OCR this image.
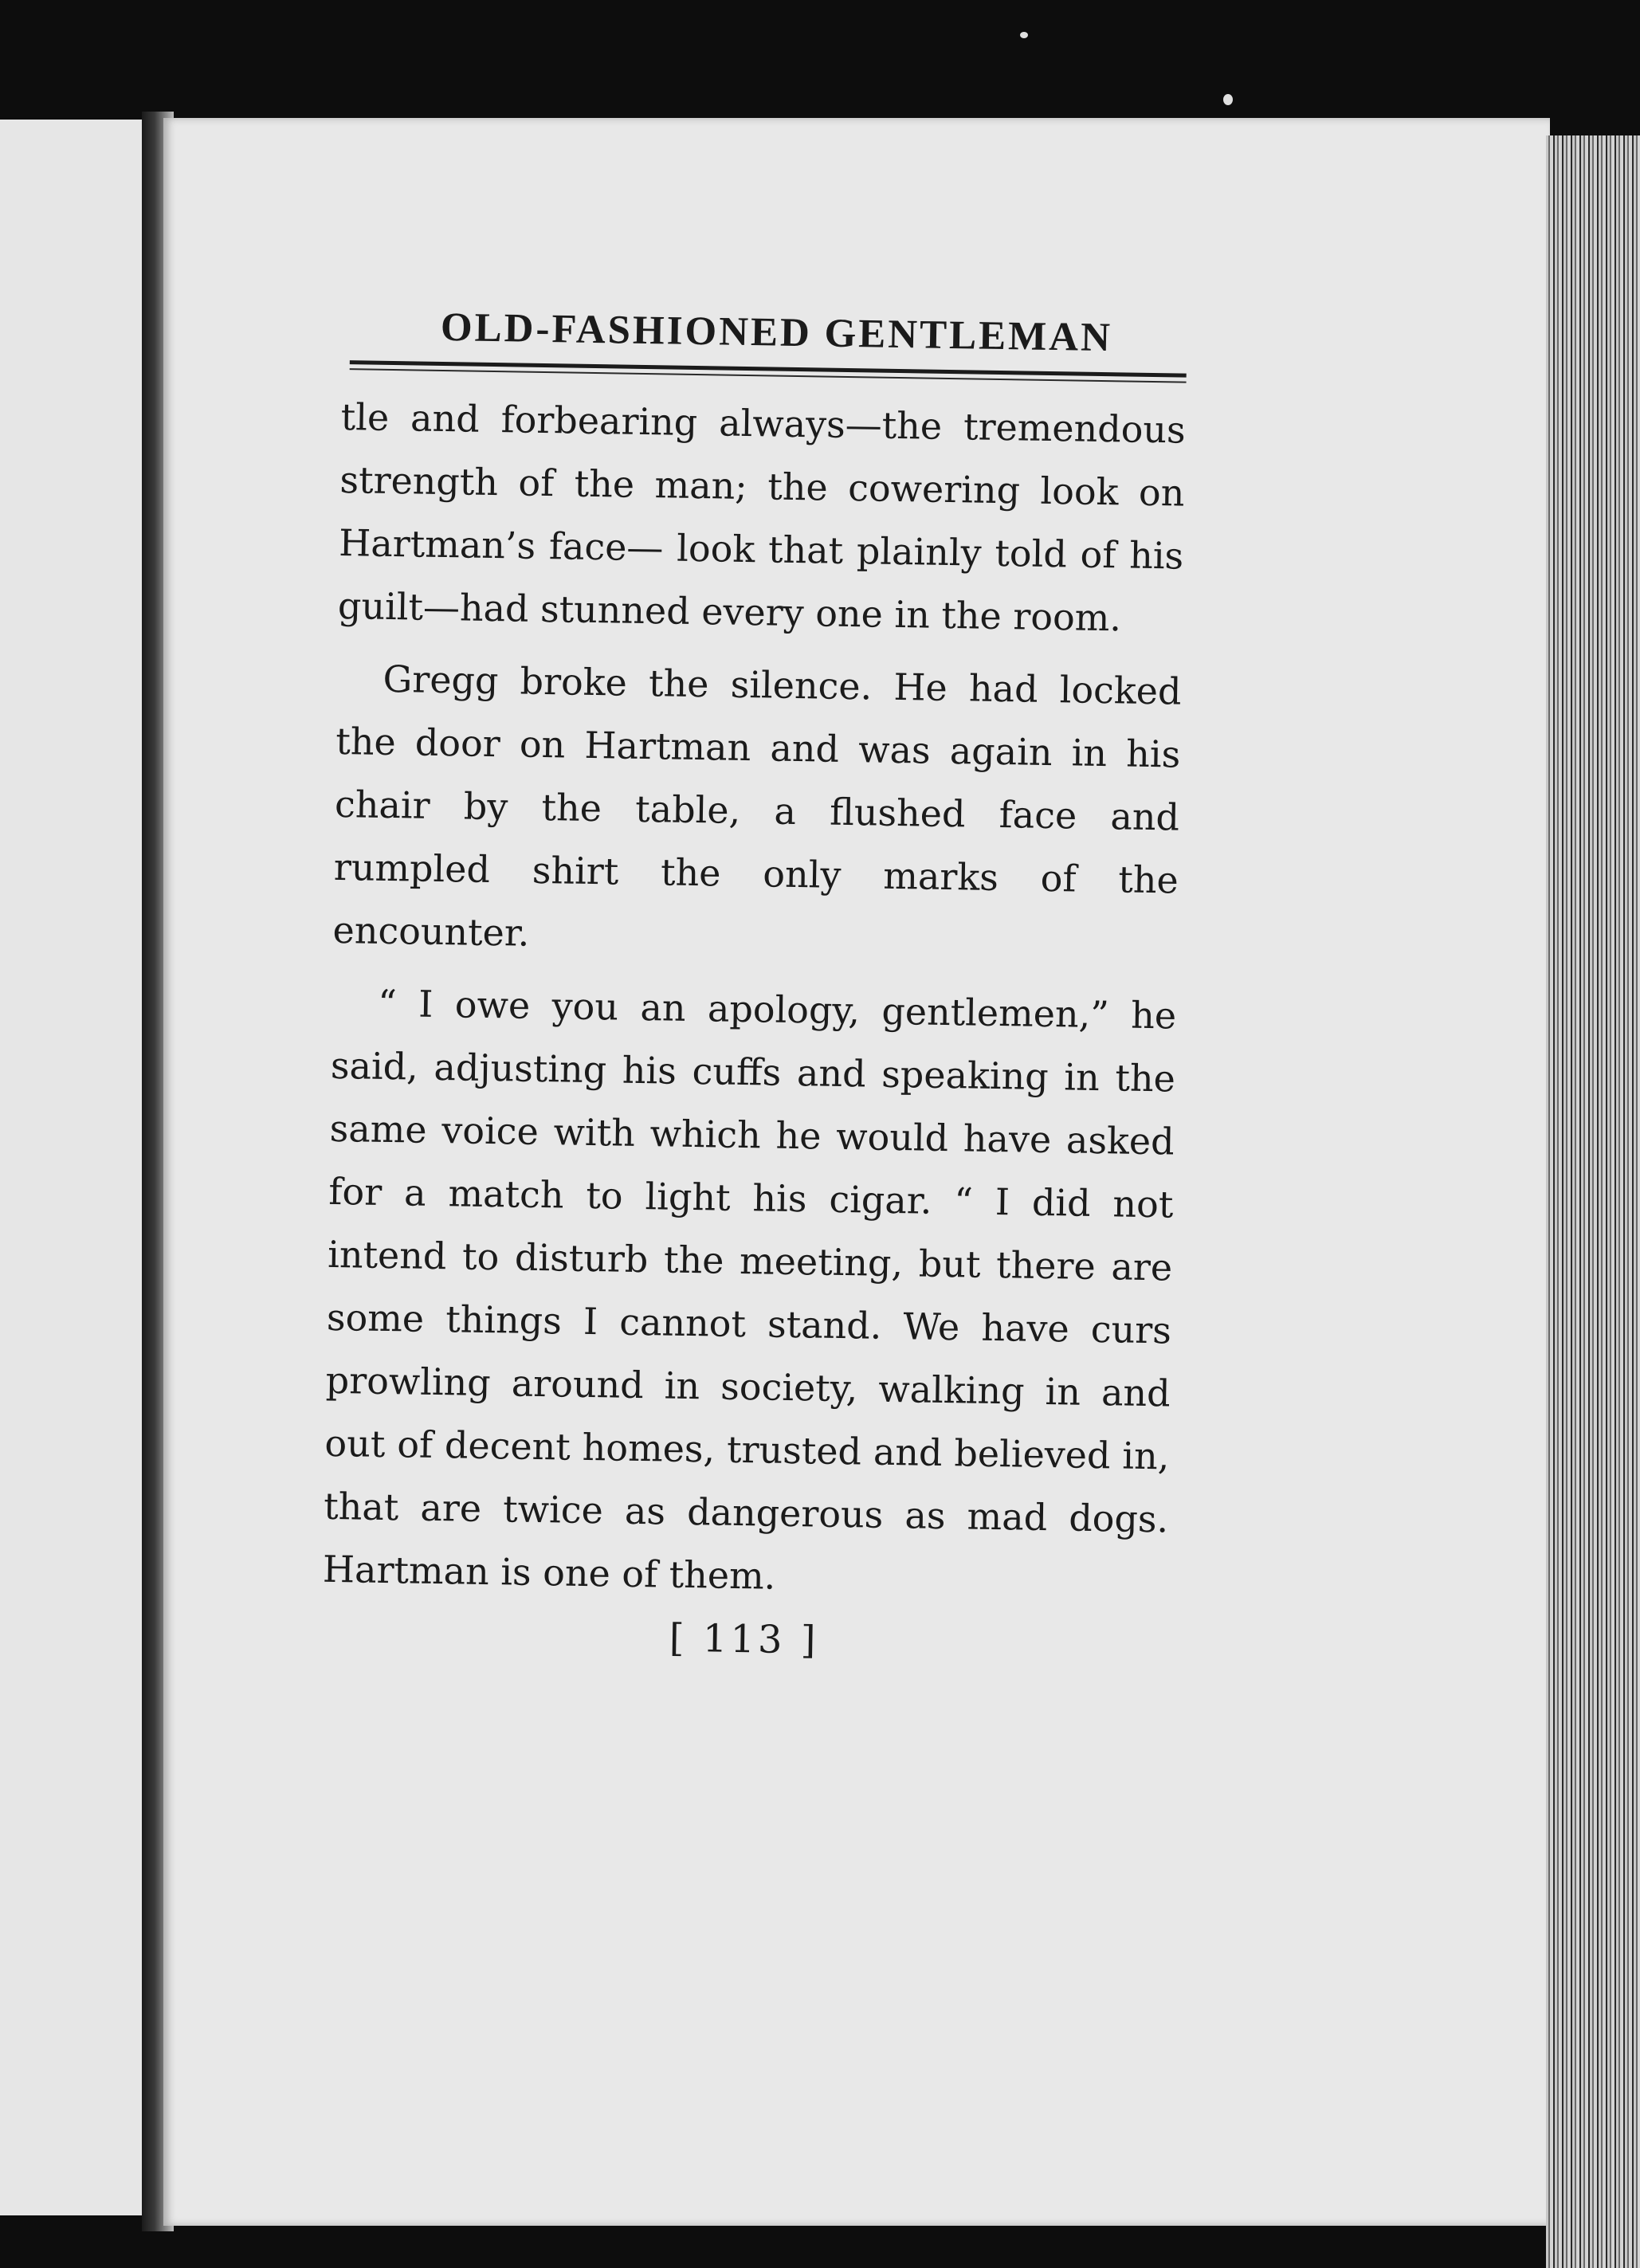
OLD-FASHIONED GENTLEMAN

tle and forbearing always—the tremendous strength of the man; the cowering look on Hartman’s face— look that plainly told of his guilt—had stunned every one in the room.

Gregg broke the silence. He had locked the door on Hartman and was again in his chair by the table, a flushed face and rumpled shirt the only marks of the encounter.

“ I owe you an apology, gentlemen,” he said, adjusting his cuffs and speaking in the same voice with which he would have asked for a match to light his cigar. “ I did not intend to disturb the meeting, but there are some things I cannot stand. We have curs prowling around in society, walking in and out of decent homes, trusted and believed in, that are twice as dangerous as mad dogs. Hartman is one of them.

[ 113 ]
